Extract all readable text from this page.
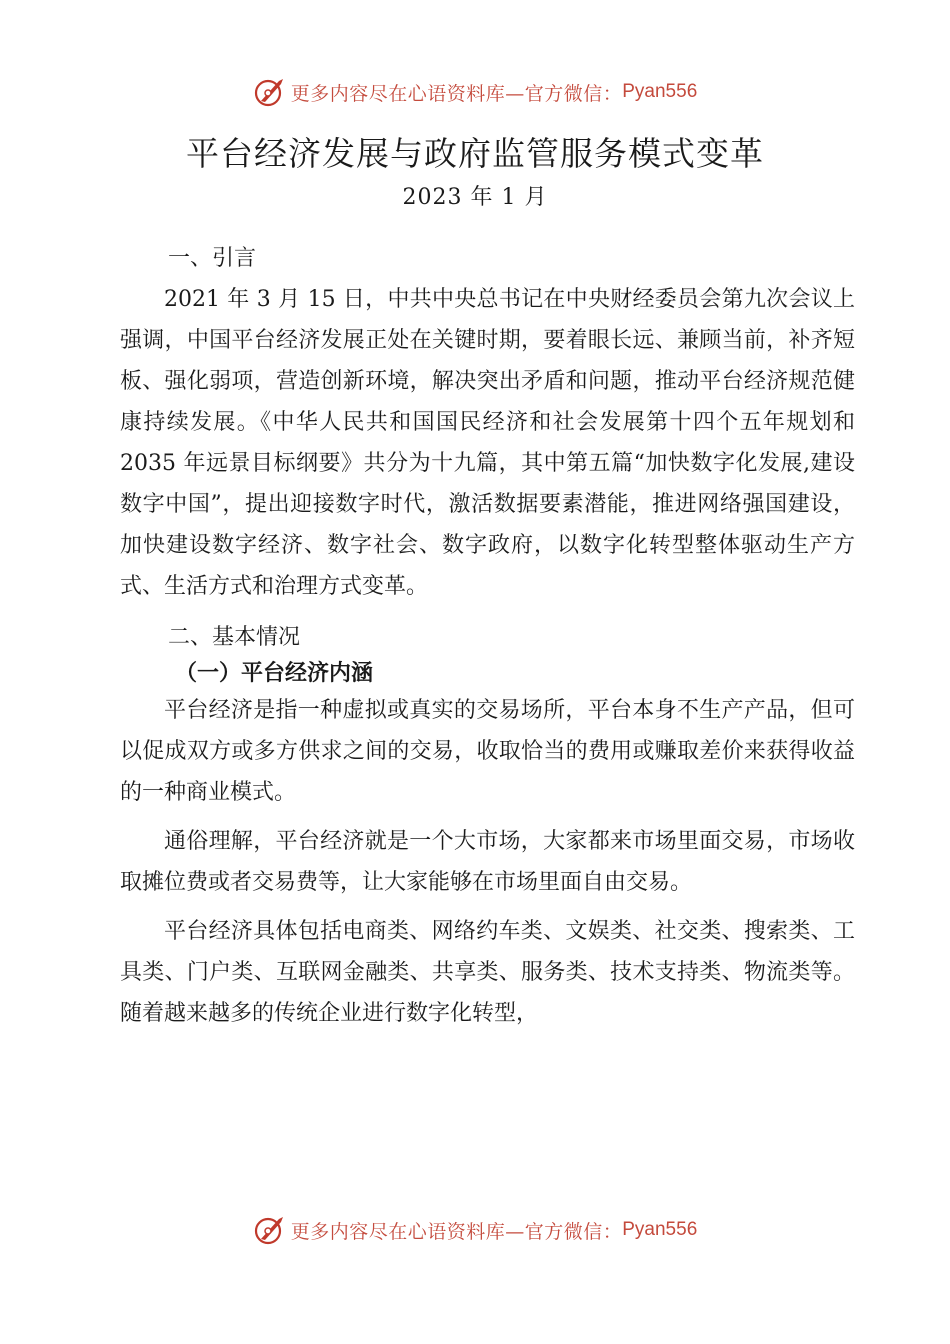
更多内容尽在心语资料库—官方微信： Pyan556
平台经济发展与政府监管服务模式变革
2023 年 1 月
一、引言

2021 年 3 月 15 日，中共中央总书记在中央财经委员会第九次会议上强调，中国平台经济发展正处在关键时期，要着眼长远、兼顾当前，补齐短板、强化弱项，营造创新环境，解决突出矛盾和问题，推动平台经济规范健康持续发展。《中华人民共和国国民经济和社会发展第十四个五年规划和 2035 年远景目标纲要》共分为十九篇，其中第五篇“加快数字化发展,建设数字中国”，提出迎接数字时代，激活数据要素潜能，推进网络强国建设，加快建设数字经济、数字社会、数字政府，以数字化转型整体驱动生产方式、生活方式和治理方式变革。

二、基本情况
（一）平台经济内涵

平台经济是指一种虚拟或真实的交易场所，平台本身不生产产品，但可以促成双方或多方供求之间的交易，收取恰当的费用或赚取差价来获得收益的一种商业模式。

通俗理解，平台经济就是一个大市场，大家都来市场里面交易，市场收取摊位费或者交易费等，让大家能够在市场里面自由交易。

平台经济具体包括电商类、网络约车类、文娱类、社交类、搜索类、工具类、门户类、互联网金融类、共享类、服务类、技术支持类、物流类等。随着越来越多的传统企业进行数字化转型，

更多内容尽在心语资料库—官方微信： Pyan556
